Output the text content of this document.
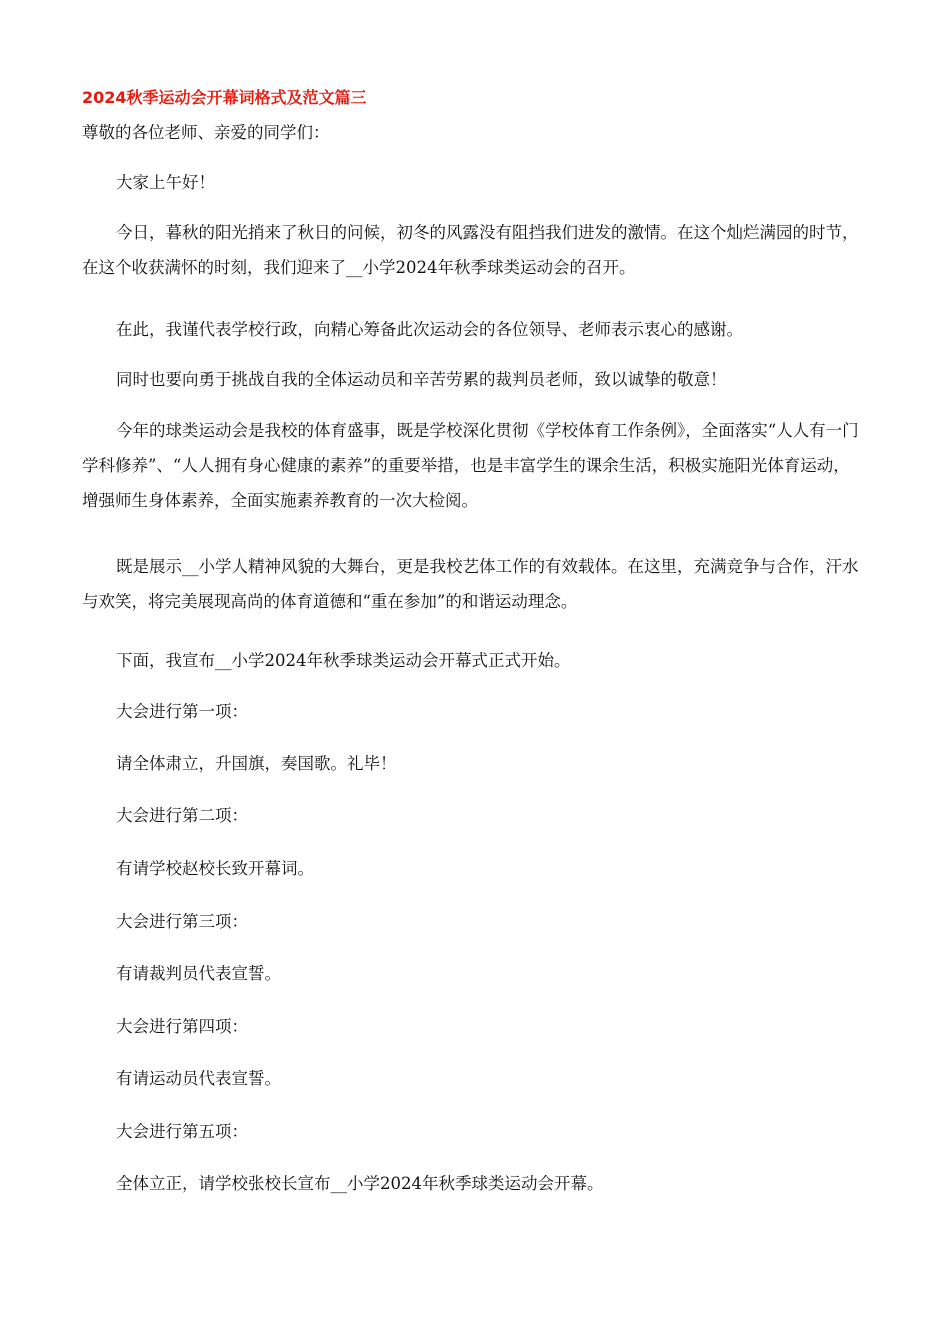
2024秋季运动会开幕词格式及范文篇三

尊敬的各位老师、亲爱的同学们：

大家上午好！

今日，暮秋的阳光捎来了秋日的问候，初冬的风露没有阻挡我们进发的激情。在这个灿烂满园的时节，在这个收获满怀的时刻，我们迎来了__小学2024年秋季球类运动会的召开。

在此，我谨代表学校行政，向精心筹备此次运动会的各位领导、老师表示衷心的感谢。

同时也要向勇于挑战自我的全体运动员和辛苦劳累的裁判员老师，致以诚挚的敬意！

今年的球类运动会是我校的体育盛事，既是学校深化贯彻《学校体育工作条例》，全面落实“人人有一门学科修养”、“人人拥有身心健康的素养”的重要举措，也是丰富学生的课余生活，积极实施阳光体育运动，增强师生身体素养，全面实施素养教育的一次大检阅。

既是展示__小学人精神风貌的大舞台，更是我校艺体工作的有效载体。在这里，充满竞争与合作，汗水与欢笑，将完美展现高尚的体育道德和“重在参加”的和谐运动理念。

下面，我宣布__小学2024年秋季球类运动会开幕式正式开始。

大会进行第一项：

请全体肃立，升国旗，奏国歌。礼毕！

大会进行第二项：

有请学校赵校长致开幕词。

大会进行第三项：

有请裁判员代表宣誓。

大会进行第四项：

有请运动员代表宣誓。

大会进行第五项：

全体立正，请学校张校长宣布__小学2024年秋季球类运动会开幕。
